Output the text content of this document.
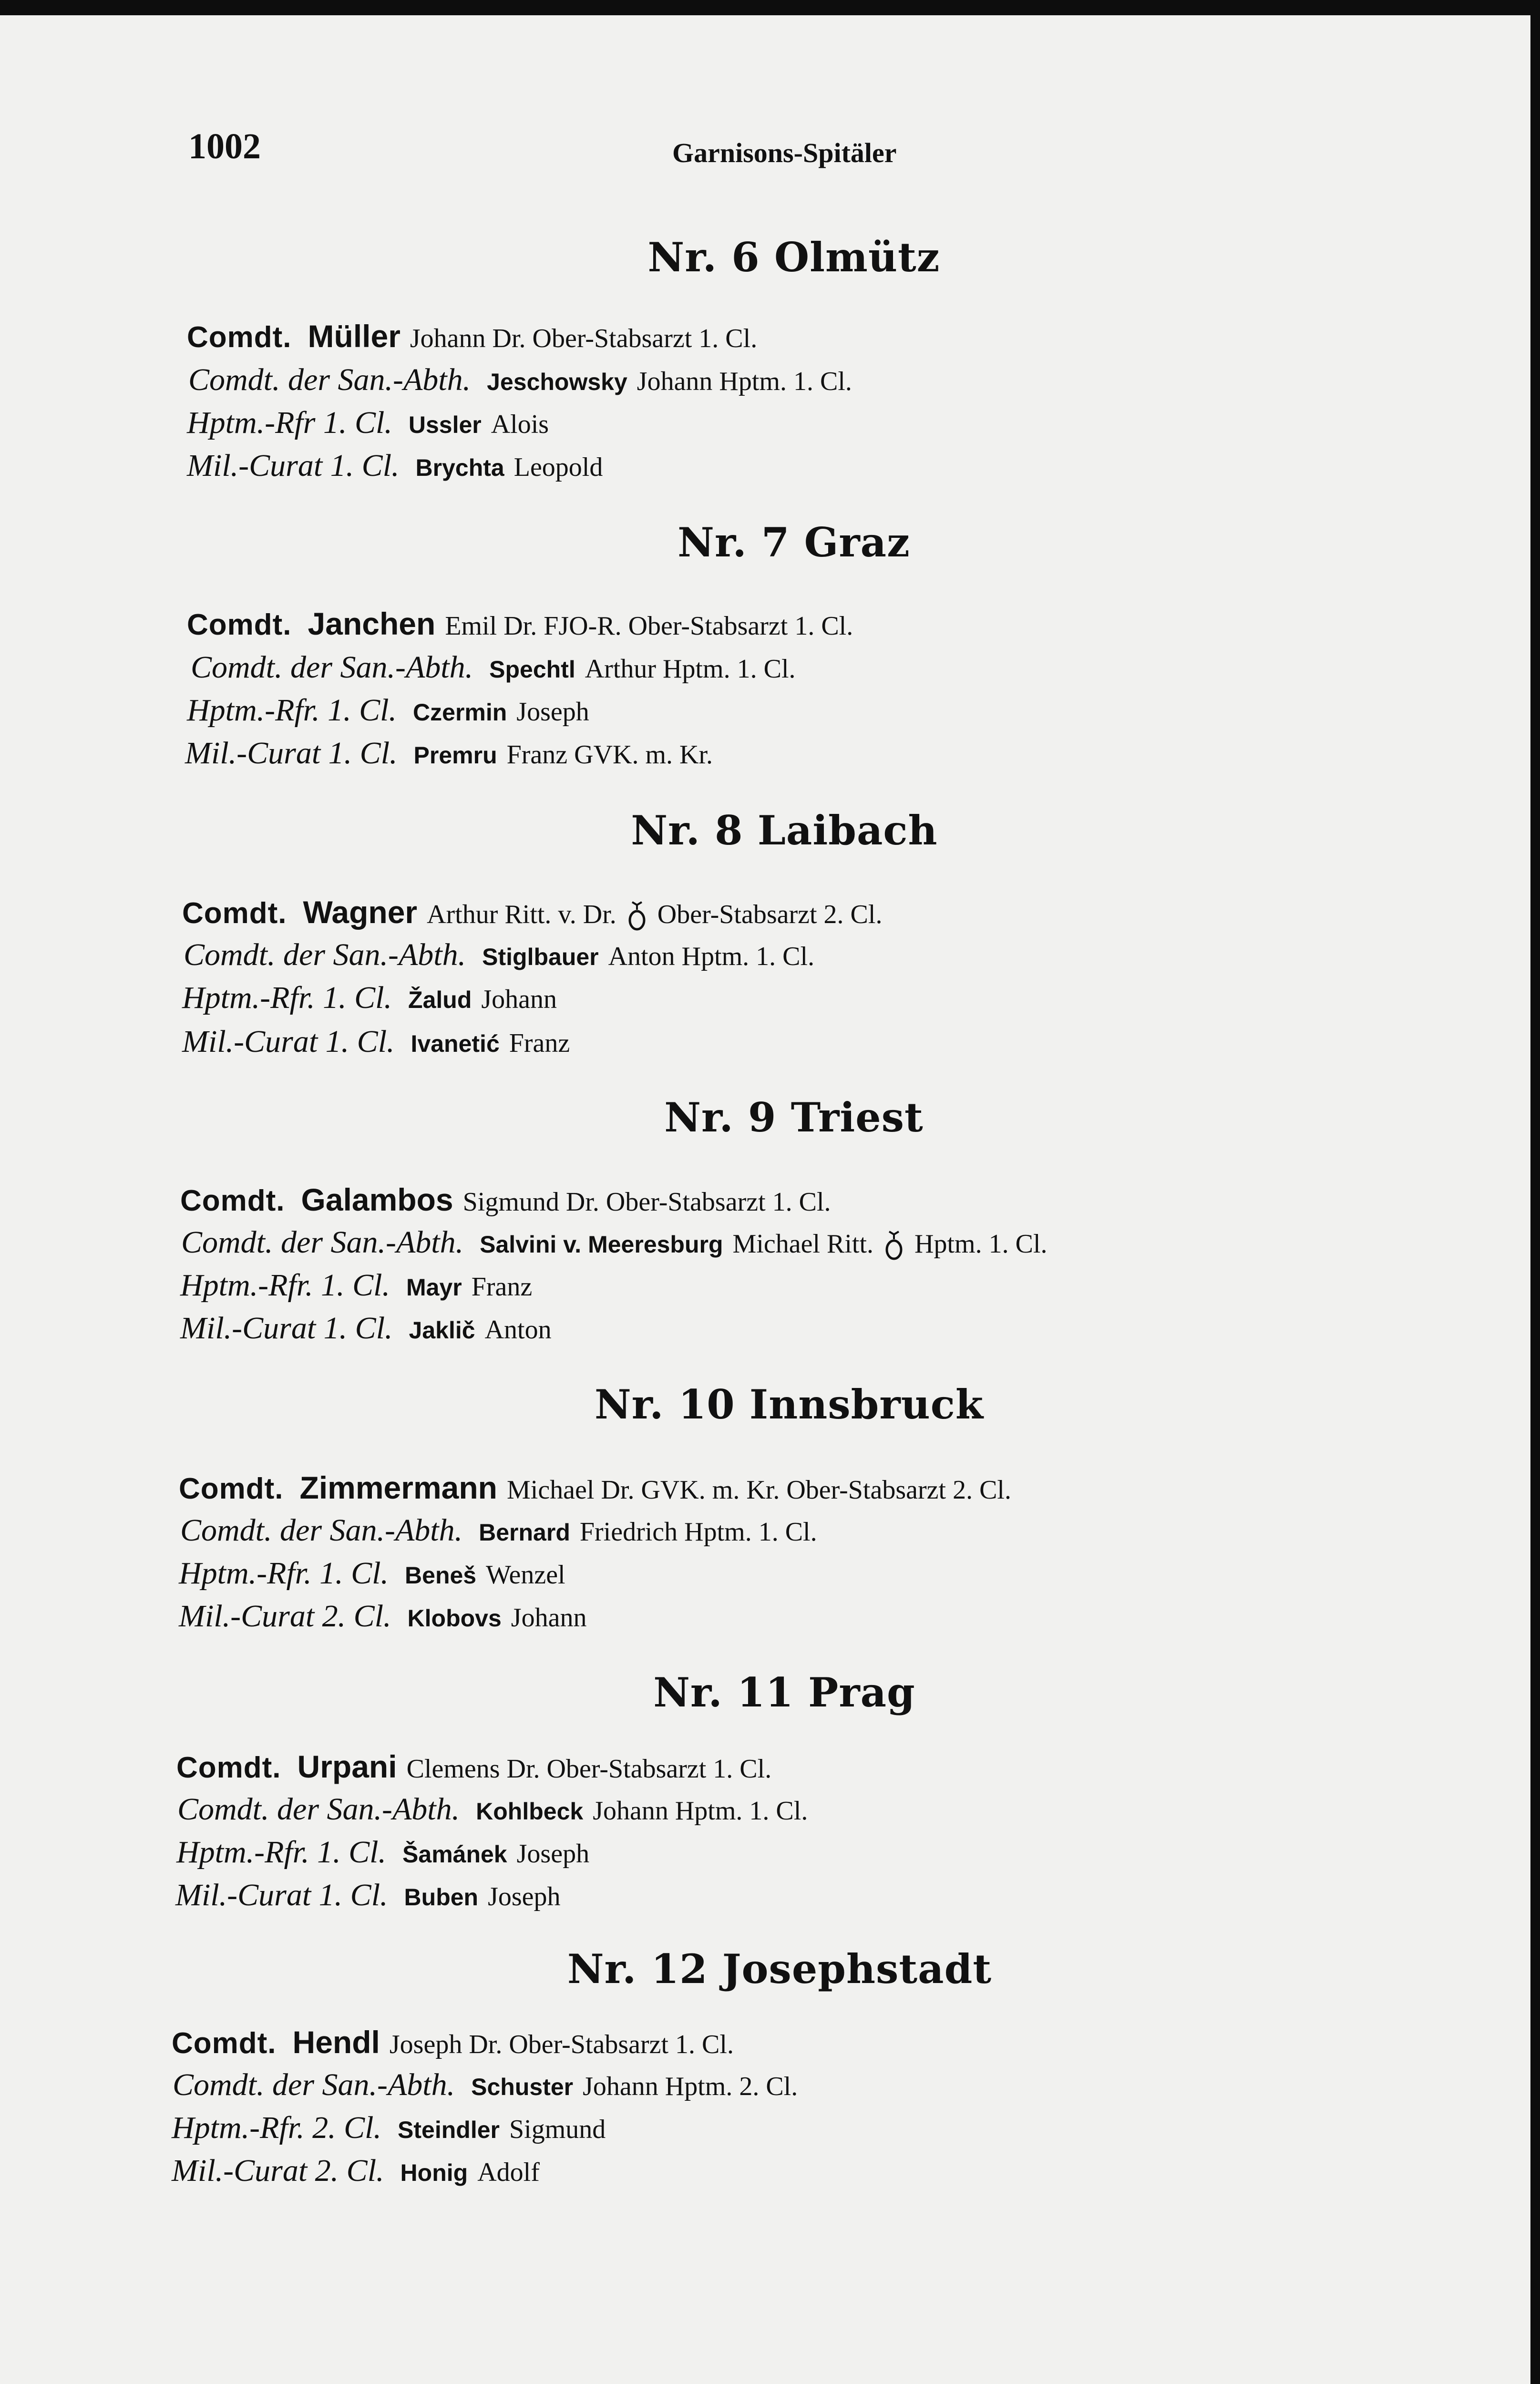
1002	Garnisons-Spitäler
Nr. 6 Olmütz
Comdt. Müller Johann Dr. Ober-Stabsarzt 1. Cl.
Comdt. der San.-Abth. Jeschowsky Johann Hptm. 1. Cl.
Hptm.-Rfr 1. Cl. Ussler Alois
Mil.-Curat 1. Cl. Brychta Leopold
Nr. 7 Graz
Comdt. Janchen Emil Dr. FJO-R. Ober-Stabsarzt 1. Cl.
Comdt. der San.-Abth. Spechtl Arthur Hptm. 1. Cl.
Hptm.-Rfr. 1. Cl. Czermin Joseph
Mil.-Curat 1. Cl. Premru Franz GVK. m. Kr.
Nr. 8 Laibach
Comdt. Wagner Arthur Ritt. v. Dr. Ober-Stabsarzt 2. Cl.
Comdt. der San.-Abth. Stiglbauer Anton Hptm. 1. Cl.
Hptm.-Rfr. 1. Cl. Žalud Johann
Mil.-Curat 1. Cl. Ivanetić Franz
Nr. 9 Triest
Comdt. Galambos Sigmund Dr. Ober-Stabsarzt 1. Cl.
Comdt. der San.-Abth. Salvini v. Meeresburg Michael Ritt. Hptm. 1. Cl.
Hptm.-Rfr. 1. Cl. Mayr Franz
Mil.-Curat 1. Cl. Jaklič Anton
Nr. 10 Innsbruck
Comdt. Zimmermann Michael Dr. GVK. m. Kr. Ober-Stabsarzt 2. Cl.
Comdt. der San.-Abth. Bernard Friedrich Hptm. 1. Cl.
Hptm.-Rfr. 1. Cl. Beneš Wenzel
Mil.-Curat 2. Cl. Klobovs Johann
Nr. 11 Prag
Comdt. Urpani Clemens Dr. Ober-Stabsarzt 1. Cl.
Comdt. der San.-Abth. Kohlbeck Johann Hptm. 1. Cl.
Hptm.-Rfr. 1. Cl. Šamánek Joseph
Mil.-Curat 1. Cl. Buben Joseph
Nr. 12 Josephstadt
Comdt. Hendl Joseph Dr. Ober-Stabsarzt 1. Cl.
Comdt. der San.-Abth. Schuster Johann Hptm. 2. Cl.
Hptm.-Rfr. 2. Cl. Steindler Sigmund
Mil.-Curat 2. Cl. Honig Adolf
